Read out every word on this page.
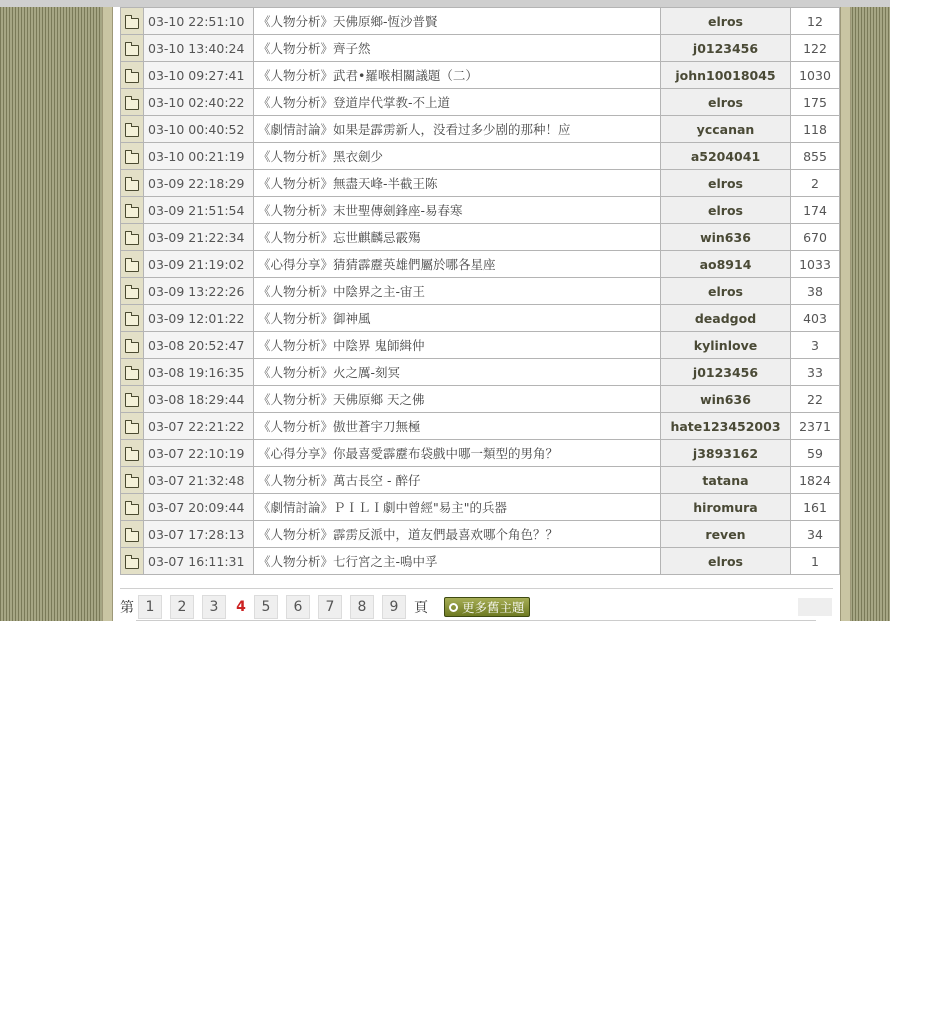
	03-10 22:51:10	《人物分析》天佛原鄉-恆沙普賢	elros	12
	03-10 13:40:24	《人物分析》齊子然	j0123456	122
	03-10 09:27:41	《人物分析》武君•羅喉相關議題（二）	john10018045	1030
	03-10 02:40:22	《人物分析》登道岸代掌教-不上道	elros	175
	03-10 00:40:52	《劇情討論》如果是霹雳新人，没看过多少剧的那种！应	yccanan	118
	03-10 00:21:19	《人物分析》黑衣劍少	a5204041	855
	03-09 22:18:29	《人物分析》無盡天峰-半截王陈	elros	2
	03-09 21:51:54	《人物分析》末世聖傳劍鋒座-易春寒	elros	174
	03-09 21:22:34	《人物分析》忘世麒麟忌霰殤	win636	670
	03-09 21:19:02	《心得分享》猜猜霹靂英雄們屬於哪各星座	ao8914	1033
	03-09 13:22:26	《人物分析》中陰界之主-宙王	elros	38
	03-09 12:01:22	《人物分析》御神風	deadgod	403
	03-08 20:52:47	《人物分析》中陰界 鬼師緝仲	kylinlove	3
	03-08 19:16:35	《人物分析》火之厲-刻冥	j0123456	33
	03-08 18:29:44	《人物分析》天佛原鄉 天之佛	win636	22
	03-07 22:21:22	《人物分析》傲世蒼宇刀無極	hate123452003	2371
	03-07 22:10:19	《心得分享》你最喜愛霹靂布袋戲中哪一類型的男角？	j3893162	59
	03-07 21:32:48	《人物分析》萬古長空 - 醉仔	tatana	1824
	03-07 20:09:44	《劇情討論》ＰＩＬＩ劇中曾經"易主"的兵器	hiromura	161
	03-07 17:28:13	《人物分析》霹雳反派中，道友們最喜欢哪个角色？？	reven	34
	03-07 16:11:31	《人物分析》七行宮之主-鳴中孚	elros	1
第 1	2	3	4	5	6	7	8	9	頁	更多舊主題
